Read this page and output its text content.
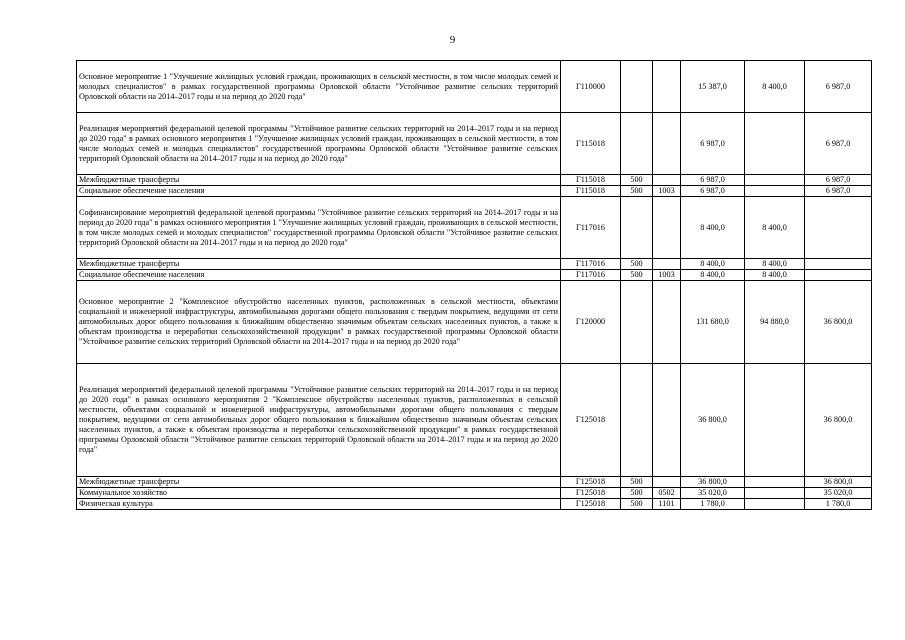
9
Основное мероприятие 1 "Улучшение жилищных условий граждан, проживающих в сельской местности, в том числе молодых семей и молодых специалистов" в рамках государственной программы Орловской области "Устойчивое развитие сельских территорий Орловской области на 2014–2017 годы и на период до 2020 года"	Г110000			15 387,0	8 400,0	6 987,0
Реализация мероприятий федеральной целевой программы "Устойчивое развитие сельских территорий на 2014–2017 годы и на период до 2020 года" в рамках основного мероприятия 1 "Улучшение жилищных условий граждан, проживающих в сельской местности, в том числе молодых семей и молодых специалистов" государственной программы Орловской области "Устойчивое развитие сельских территорий Орловской области на 2014–2017 годы и на период до 2020 года"	Г115018			6 987,0		6 987,0
Межбюджетные трансферты	Г115018	500		6 987,0		6 987,0
Социальное обеспечение населения	Г115018	500	1003	6 987,0		6 987,0
Софинансирование мероприятий федеральной целевой программы "Устойчивое развитие сельских территорий на 2014–2017 годы и на период до 2020 года" в рамках основного мероприятия 1 "Улучшение жилищных условий граждан, проживающих в сельской местности, в том числе молодых семей и молодых специалистов" государственной программы Орловской области "Устойчивое развитие сельских территорий Орловской области на 2014–2017 годы и на период до 2020 года"	Г117016			8 400,0	8 400,0	
Межбюджетные трансферты	Г117016	500		8 400,0	8 400,0	
Социальное обеспечение населения	Г117016	500	1003	8 400,0	8 400,0	
Основное мероприятие 2 "Комплексное обустройство населенных пунктов, расположенных в сельской местности, объектами социальной и инженерной инфраструктуры, автомобильными дорогами общего пользования с твердым покрытием, ведущими от сети автомобильных дорог общего пользования к ближайшим общественно значимым объектам сельских населенных пунктов, а также к объектам производства и переработки сельскохозяйственной продукции" в рамках государственной программы Орловской области "Устойчивое развитие сельских территорий Орловской области на 2014–2017 годы и на период до 2020 года"	Г120000			131 680,0	94 880,0	36 800,0
Реализация мероприятий федеральной целевой программы "Устойчивое развитие сельских территорий на 2014–2017 годы и на период до 2020 года" в рамках основного мероприятия 2 "Комплексное обустройство населенных пунктов, расположенных в сельской местности, объектами социальной и инженерной инфраструктуры, автомобильными дорогами общего пользования с твердым покрытием, ведущими от сети автомобильных дорог общего пользования к ближайшим общественно значимым объектам сельских населенных пунктов, а также к объектам производства и переработки сельскохозяйственной продукции" в рамках государственной программы Орловской области "Устойчивое развитие сельских территорий Орловской области на 2014–2017 годы и на период до 2020 года"	Г125018			36 800,0		36 800,0
Межбюджетные трансферты	Г125018	500		36 800,0		36 800,0
Коммунальное хозяйство	Г125018	500	0502	35 020,0		35 020,0
Физическая культура	Г125018	500	1101	1 780,0		1 780,0
